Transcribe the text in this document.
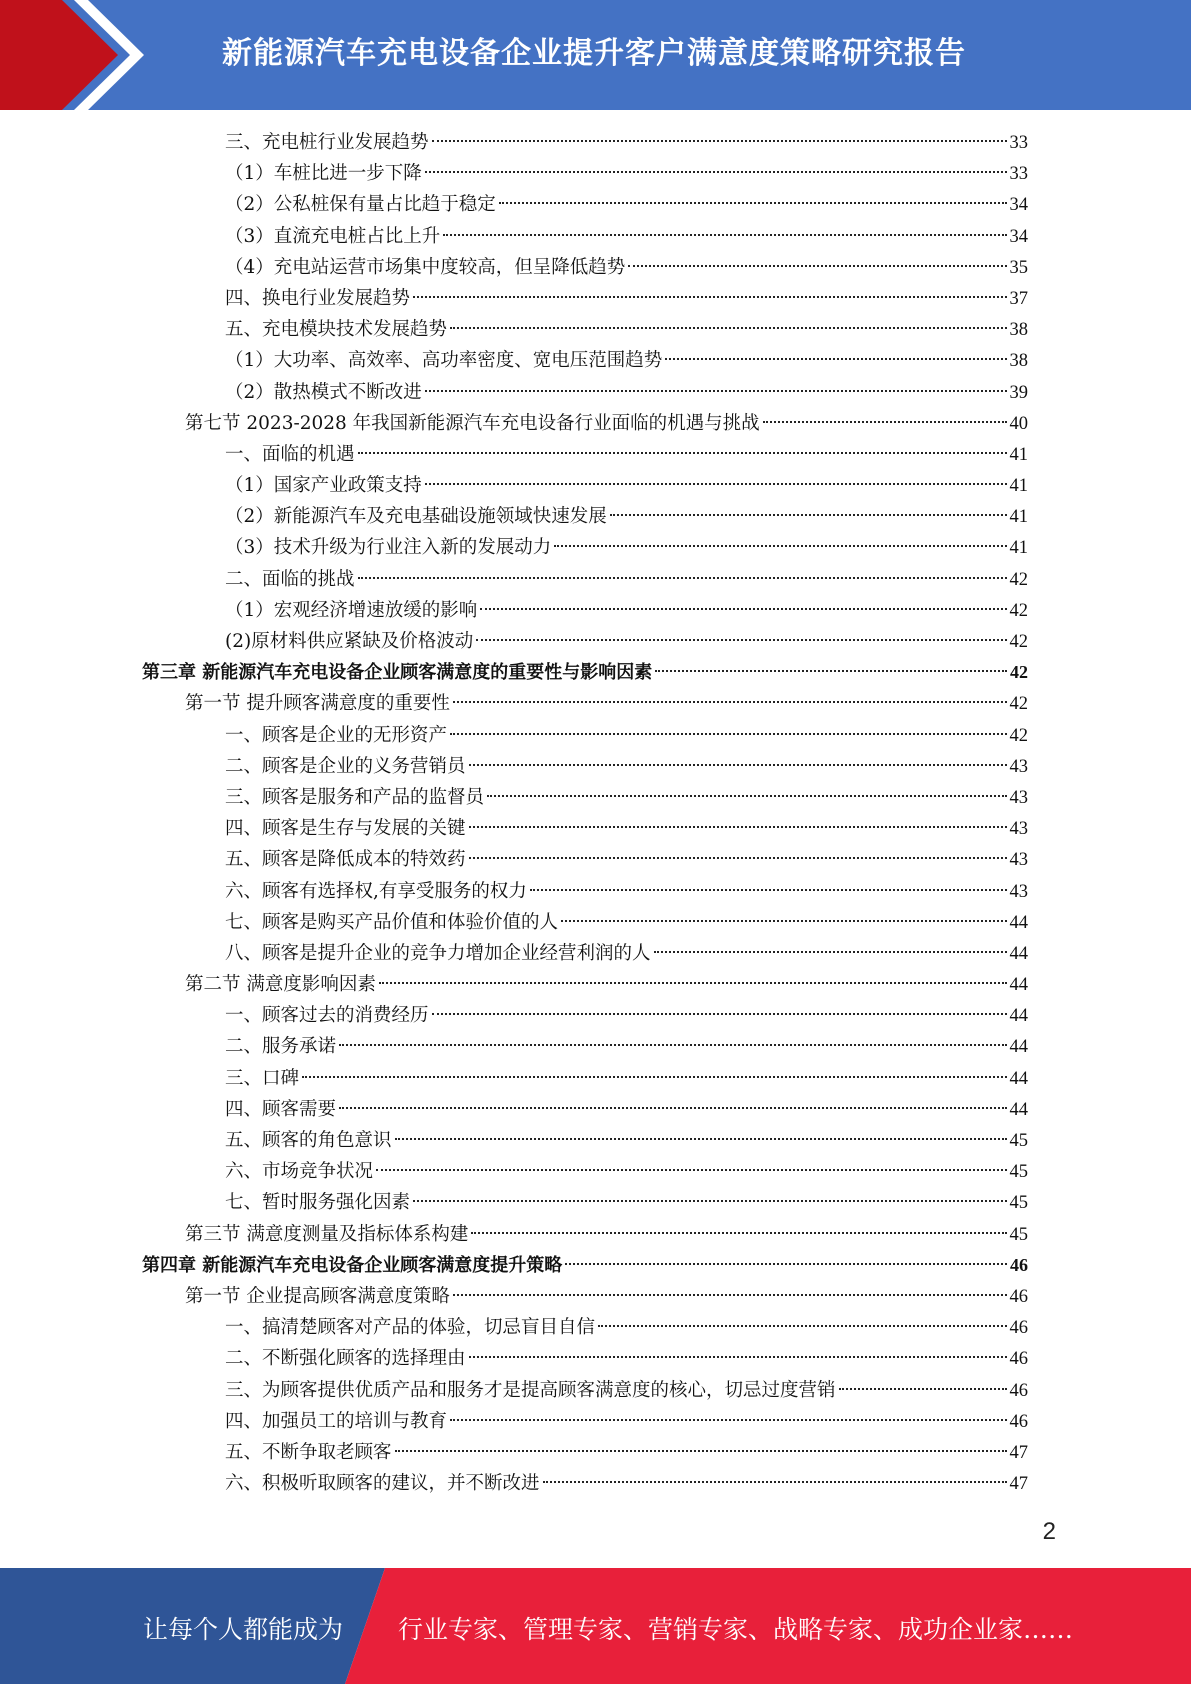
新能源汽车充电设备企业提升客户满意度策略研究报告
三、充电桩行业发展趋势	33
（1）车桩比进一步下降	33
（2）公私桩保有量占比趋于稳定	34
（3）直流充电桩占比上升	34
（4）充电站运营市场集中度较高，但呈降低趋势	35
四、换电行业发展趋势	37
五、充电模块技术发展趋势	38
（1）大功率、高效率、高功率密度、宽电压范围趋势	38
（2）散热模式不断改进	39
第七节 2023-2028 年我国新能源汽车充电设备行业面临的机遇与挑战	40
一、面临的机遇	41
（1）国家产业政策支持	41
（2）新能源汽车及充电基础设施领域快速发展	41
（3）技术升级为行业注入新的发展动力	41
二、面临的挑战	42
（1）宏观经济增速放缓的影响	42
(2)原材料供应紧缺及价格波动	42
第三章 新能源汽车充电设备企业顾客满意度的重要性与影响因素	42
第一节 提升顾客满意度的重要性	42
一、顾客是企业的无形资产	42
二、顾客是企业的义务营销员	43
三、顾客是服务和产品的监督员	43
四、顾客是生存与发展的关键	43
五、顾客是降低成本的特效药	43
六、顾客有选择权,有享受服务的权力	43
七、顾客是购买产品价值和体验价值的人	44
八、顾客是提升企业的竞争力增加企业经营利润的人	44
第二节 满意度影响因素	44
一、顾客过去的消费经历	44
二、服务承诺	44
三、口碑	44
四、顾客需要	44
五、顾客的角色意识	45
六、市场竞争状况	45
七、暂时服务强化因素	45
第三节 满意度测量及指标体系构建	45
第四章 新能源汽车充电设备企业顾客满意度提升策略	46
第一节 企业提高顾客满意度策略	46
一、搞清楚顾客对产品的体验，切忌盲目自信	46
二、不断强化顾客的选择理由	46
三、为顾客提供优质产品和服务才是提高顾客满意度的核心，切忌过度营销	46
四、加强员工的培训与教育	46
五、不断争取老顾客	47
六、积极听取顾客的建议，并不断改进	47
2
让每个人都能成为 行业专家、管理专家、营销专家、战略专家、成功企业家……
